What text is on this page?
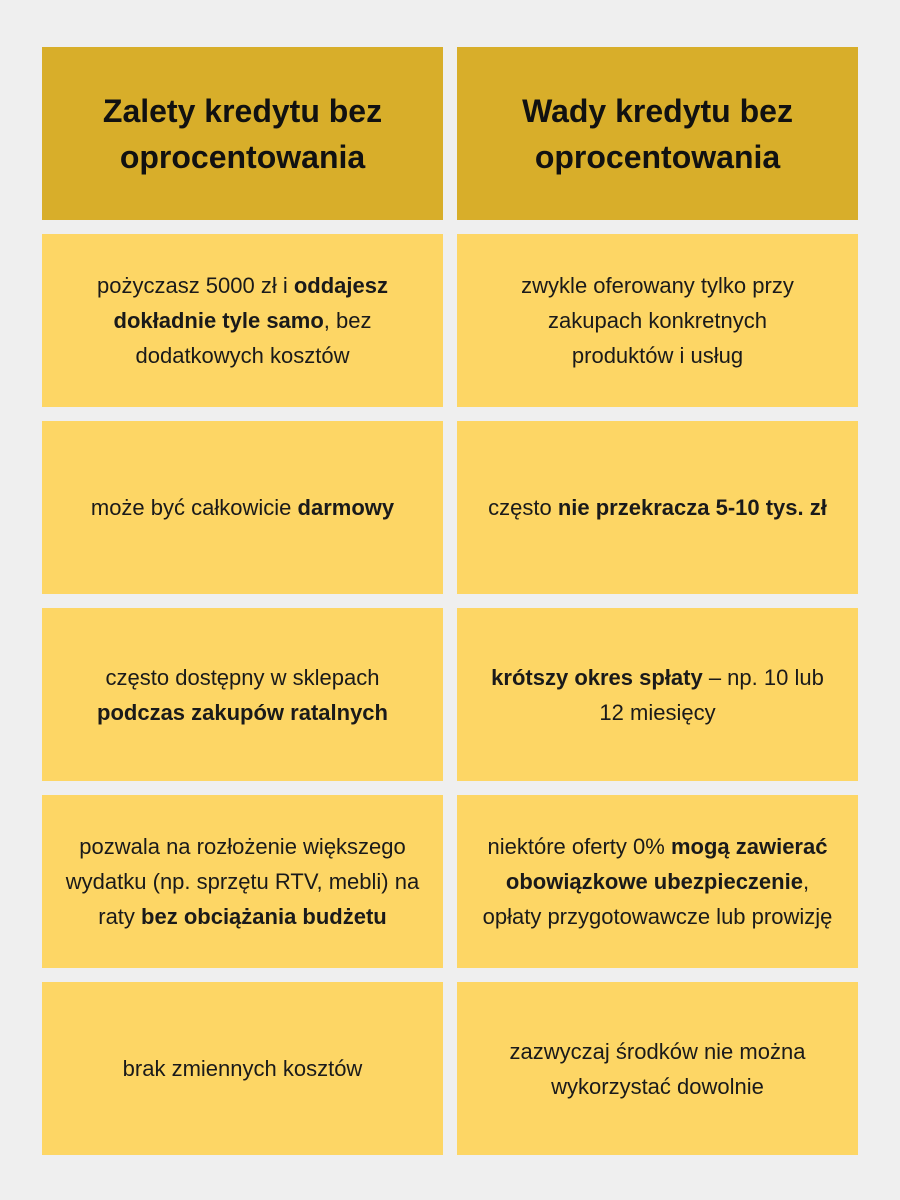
Zalety kredytu bez oprocentowania
Wady kredytu bez oprocentowania

pożyczasz 5000 zł i oddajesz dokładnie tyle samo, bez dodatkowych kosztów

zwykle oferowany tylko przy zakupach konkretnych produktów i usług

może być całkowicie darmowy	często nie przekracza 5-10 tys. zł

często dostępny w sklepach podczas zakupów ratalnych

krótszy okres spłaty – np. 10 lub 12 miesięcy

pozwala na rozłożenie większego wydatku (np. sprzętu RTV, mebli) na raty bez obciążania budżetu

niektóre oferty 0% mogą zawierać obowiązkowe ubezpieczenie, opłaty przygotowawcze lub prowizję

brak zmiennych kosztów

zazwyczaj środków nie można wykorzystać dowolnie
